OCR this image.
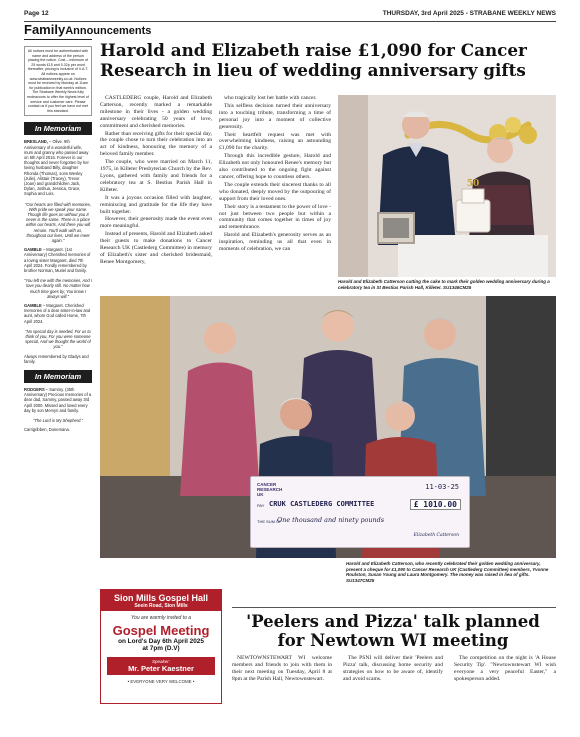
Page 12	THURSDAY, 3rd April 2025 - STRABANE WEEKLY NEWS
FamilyAnnouncements
All notices must be authenticated with name and address of the person placing the notice. Cost – minimum of 25 words £15 and 0.32p per word thereafter, pricing is inclusive of V.A.T. All notices appear on www.strabaneweekly.co.uk. Notices must be received by Monday at 11am for publication in that week's edition. The Strabane Weekly News fully endeavours to offer the highest level of service and customer care. Please contact us if you feel we have not met this standard.
In Memoriam
BRESLAND, – Olive. 9th Anniversary of a wonderful wife, mum and granny who passed away on 5th April 2016. Forever in our thoughts and never forgotten by her loving husband Billy, daughter Rhonda (Thomas), sons Wesley (Julie), Alistair (Tracey), Trevor (Joan) and grandchildren Jack, Dylan, Joshua, Jessica, Grace, Sophia and Lois.
"Our hearts are filled with memories, With pride we speak your name. Though life goes on without you It never is the same. There is a place within our hearts, And there you will remain. You'll walk with us, throughout our lives, Until we meet again."
GAMBLE – Margaret. (1st Anniversary) Cherished memories of a loving sister Margaret, died 7th April 2024. Fondly remembered by brother Norman, Muriel and family.
"You left me with the memories, And I love you dearly still. No matter how much time goes by, You know I always will."
GAMBLE – Margaret. Cherished memories of a dear sister-in-law and aunt, whom God called Home, 7th April 2024.
"No special day is needed, For us to think of you, For you were someone special, And we thought the world of you."
Always remembered by Gladys and family.
In Memoriam
RODGERS – Sammy. (35th Anniversary) Precious memories of a dear dad, Sammy, passed away 3rd April 2000. Missed and loved every day by son Mervyn and family.
"The Lord is My Shepherd."
Carrigribben, Donemana.
Harold and Elizabeth raise £1,090 for Cancer Research in lieu of wedding anniversary gifts

CASTLEDERG couple, Harold and Elizabeth Catterson, recently marked a remarkable milestone in their lives - a golden wedding anniversary celebrating 50 years of love, commitment and cherished memories.

Rather than receiving gifts for their special day, the couple chose to turn their celebration into an act of kindness, honouring the memory of a beloved family member.

The couple, who were married on March 11, 1975, in Killeter Presbyterian Church by the Rev. Lyons, gathered with family and friends for a celebratory tea at S. Bestius Parish Hall in Killeter.

It was a joyous occasion filled with laughter, reminiscing and gratitude for the life they have built together.

However, their generosity made the event even more meaningful.

Instead of presents, Harold and Elizabeth asked their guests to make donations to Cancer Research UK (Castlederg Committee) in memory of Elizabeth's sister and cherished bridesmaid, Renee Montgomery,

who tragically lost her battle with cancer.

This selfless decision turned their anniversary into a touching tribute, transforming a time of personal joy into a moment of collective generosity.

Their heartfelt request was met with overwhelming kindness, raising an astounding £1,090 for the charity.

Through this incredible gesture, Harold and Elizabeth not only honoured Renee's memory but also contributed to the ongoing fight against cancer, offering hope to countless others.

The couple extends their sincerest thanks to all who donated, deeply moved by the outpouring of support from their loved ones.

Their story is a testament to the power of love - not just between two people but within a community that comes together in times of joy and remembrance.

Harold and Elizabeth's generosity serves as an inspiration, reminding us all that even in moments of celebration, we can

50
Harold and Elizabeth Catterson cutting the cake to mark their golden wedding anniversary during a celebratory tea in St Bestius Parish Hall, Killeter. SU1346CM25
CANCER
RESEARCH
UK
11-03-25
PAY CRUK CASTLEDERG COMMITTEE	£ 1010.00
THE SUM OF
One thousand and ninety pounds
Elizabeth Catterson
Harold and Elizabeth Catterson, who recently celebrated their golden wedding anniversary, present a cheque for £1,090 to Cancer Research UK (Castlederg Committee) members, Yvonne Roulston, Susan Young and Laura Montgomery. The money was raised in lieu of gifts. SU1347CM25
Sion Mills Gospel Hall
Seein Road, Sion Mills
You are warmly invited to a
Gospel Meeting
on Lord's Day 6th April 2025
at 7pm (D.V)
Speaker:
Mr. Peter Kaestner
• EVERYONE VERY WELCOME •
'Peelers and Pizza' talk planned for Newtown WI meeting

NEWTOWNSTEWART WI welcome members and friends to join with them in their next meeting on Tuesday, April 8 at 8pm at the Parish Hall, Newtownstewart.

The PSNI will deliver their 'Peelers and Pizza' talk, discussing home security and strategies on how to be aware of, identify and avoid scams.

The competition on the night is 'A House Security Tip'. "Newtownstewart WI wish everyone a very peaceful Easter," a spokesperson added.
